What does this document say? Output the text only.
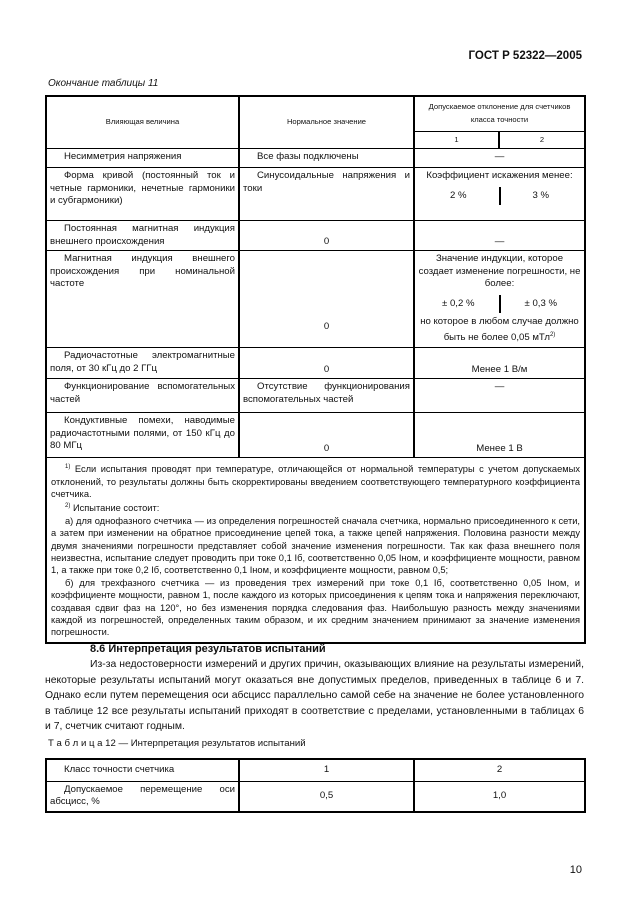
ГОСТ Р 52322—2005
Окончание таблицы 11
Влияющая величина	Нормальное значение	Допускаемое отклонение для счетчиков класса точности	
		1	2
Несимметрия напряжения	Все фазы подключены	—	
Форма кривой (постоянный ток и четные гармоники, нечетные гармоники и субгармоники)	Синусоидальные напряжения и токи	Коэффициент искажения менее:
2 % 3 %	

Постоянная магнитная индукция внешнего происхождения	0	—	
Магнитная индукция внешнего происхождения при номинальной частоте	0	Значение индукции, которое создает изменение погрешности, не более:
± 0,2 % ± 0,3 %
но которое в любом случае должно быть не более 0,05 мТл$^{2)}$

Радиочастотные электромагнитные поля, от 30 кГц до 2 ГГц	0	Менее 1 В/м	
Функционирование вспомогательных частей	Отсутствие функционирования вспомогательных частей	—	
Кондуктивные помехи, наводимые радиочастотными полями, от 150 кГц до 80 МГц	0	Менее 1 В	

$^{1)}$ Если испытания проводят при температуре, отличающейся от нормальной температуры с учетом допускаемых отклонений, то результаты должны быть скорректированы введением соответствующего температурного коэффициента счетчика.

$^{2)}$ Испытание состоит:

а) для однофазного счетчика — из определения погрешностей сначала счетчика, нормально присоединенного к сети, а затем при изменении на обратное присоединение цепей тока, а также цепей напряжения. Половина разности между двумя значениями погрешности представляет собой значение изменения погрешности. Так как фаза внешнего поля неизвестна, испытание следует проводить при токе 0,1 Iб, соответственно 0,05 Iном, и коэффициенте мощности, равном 1, а также при токе 0,2 Iб, соответственно 0,1 Iном, и коэффициенте мощности, равном 0,5;

б) для трехфазного счетчика — из проведения трех измерений при токе 0,1 Iб, соответственно 0,05 Iном, и коэффициенте мощности, равном 1, после каждого из которых присоединения к цепям тока и напряжения переключают, создавая сдвиг фаз на 120°, но без изменения порядка следования фаз. Наибольшую разность между значениями каждой из погрешностей, определенных таким образом, и их средним значением принимают за значение изменения погрешности.			

8.6 Интерпретация результатов испытаний
Из-за недостоверности измерений и других причин, оказывающих влияние на результаты измерений, некоторые результаты испытаний могут оказаться вне допустимых пределов, приведенных в таблице 6 и 7. Однако если путем перемещения оси абсцисс параллельно самой себе на значение не более установленного в таблице 12 все результаты испытаний приходят в соответствие с пределами, установленными в таблицах 6 и 7, счетчик считают годным.
Т а б л и ц а 12 — Интерпретация результатов испытаний
Класс точности счетчика	1	2
Допускаемое перемещение оси абсцисс, %	0,5	1,0
10
